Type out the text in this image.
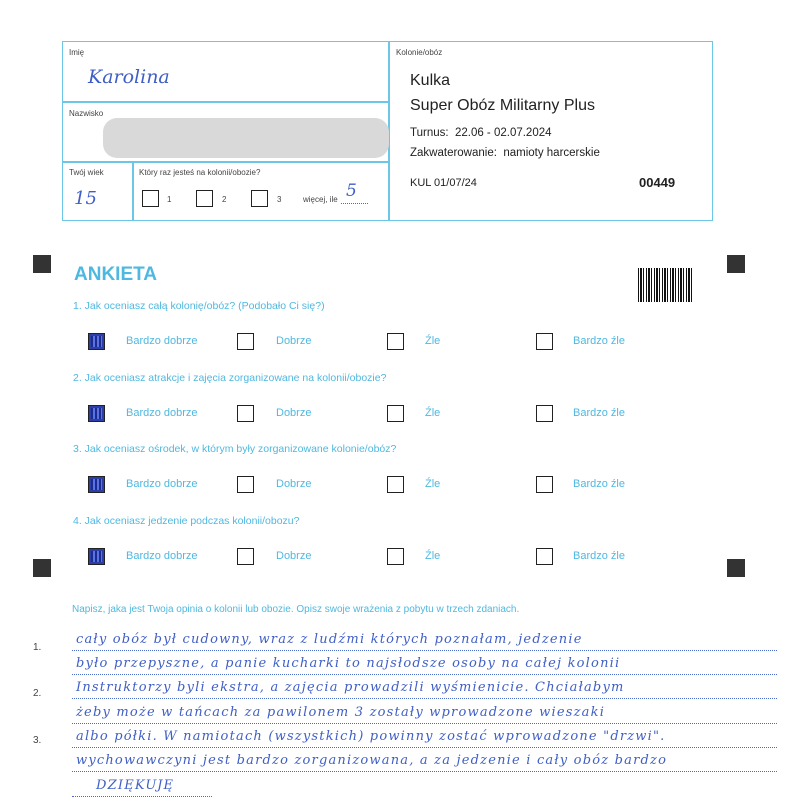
Imię
Karolina
Nazwisko
Twój wiek
15
Który raz jesteś na kolonii/obozie?
1	2	3	więcej, ile 5
Kolonie/obóz
Kulka
Super Obóz Militarny Plus
Turnus: 22.06 - 02.07.2024
Zakwaterowanie: namioty harcerskie
KUL 01/07/24	00449
ANKIETA
1. Jak oceniasz całą kolonię/obóz? (Podobało Ci się?)
Bardzo dobrze	Dobrze	Źle	Bardzo źle
2. Jak oceniasz atrakcje i zajęcia zorganizowane na kolonii/obozie?
Bardzo dobrze	Dobrze	Źle	Bardzo źle
3. Jak oceniasz ośrodek, w którym były zorganizowane kolonie/obóz?
Bardzo dobrze	Dobrze	Źle	Bardzo źle
4. Jak oceniasz jedzenie podczas kolonii/obozu?
Bardzo dobrze	Dobrze	Źle	Bardzo źle
Napisz, jaka jest Twoja opinia o kolonii lub obozie. Opisz swoje wrażenia z pobytu w trzech zdaniach.
1.
2.
3.
cały obóz był cudowny, wraz z ludźmi których poznałam, jedzenie
było przepyszne, a panie kucharki to najsłodsze osoby na całej kolonii
Instruktorzy byli ekstra, a zajęcia prowadzili wyśmienicie. Chciałabym
żeby może w tańcach za pawilonem 3 zostały wprowadzone wieszaki
albo półki. W namiotach (wszystkich) powinny zostać wprowadzone "drzwi".
wychowawczyni jest bardzo zorganizowana, a za jedzenie i cały obóz bardzo
DZIĘKUJĘ
